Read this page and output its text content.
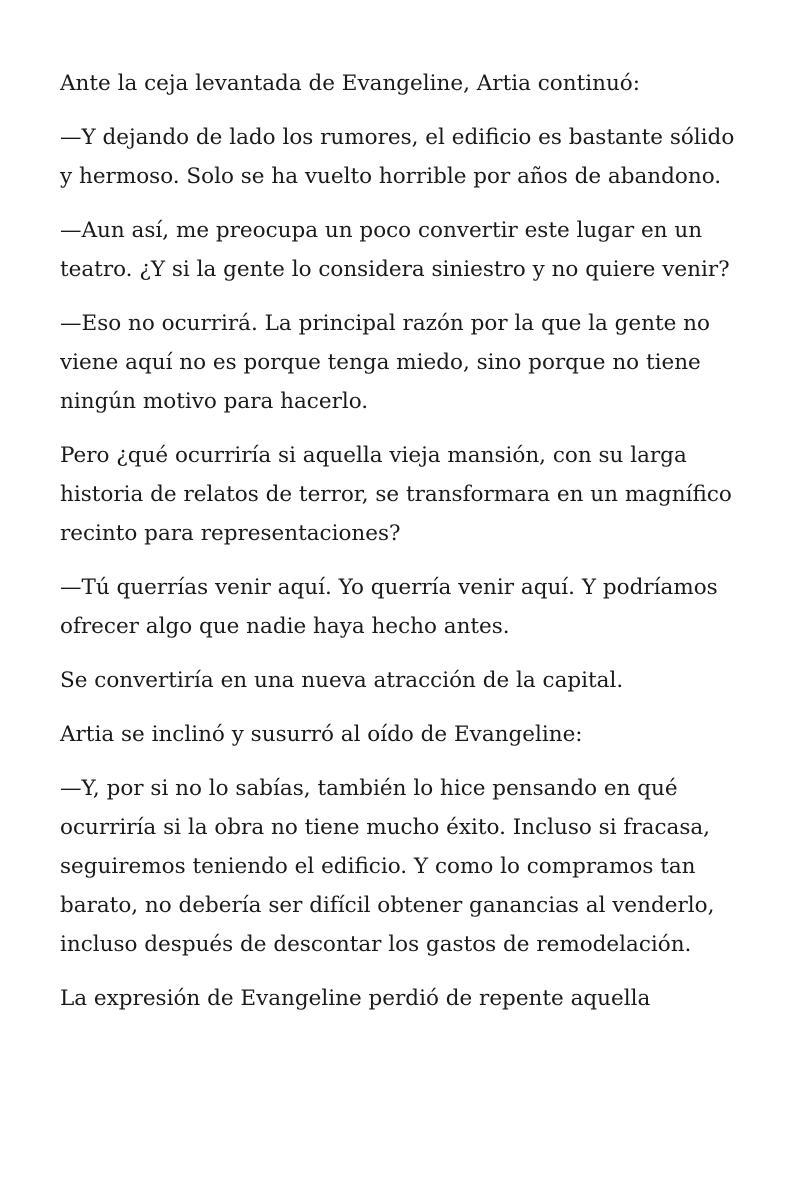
Ante la ceja levantada de Evangeline, Artia continuó:

—Y dejando de lado los rumores, el edificio es bastante sólido y hermoso. Solo se ha vuelto horrible por años de abandono.

—Aun así, me preocupa un poco convertir este lugar en un teatro. ¿Y si la gente lo considera siniestro y no quiere venir?

—Eso no ocurrirá. La principal razón por la que la gente no viene aquí no es porque tenga miedo, sino porque no tiene ningún motivo para hacerlo.

Pero ¿qué ocurriría si aquella vieja mansión, con su larga historia de relatos de terror, se transformara en un magnífico recinto para representaciones?

—Tú querrías venir aquí. Yo querría venir aquí. Y podríamos ofrecer algo que nadie haya hecho antes.

Se convertiría en una nueva atracción de la capital.

Artia se inclinó y susurró al oído de Evangeline:

—Y, por si no lo sabías, también lo hice pensando en qué ocurriría si la obra no tiene mucho éxito. Incluso si fracasa, seguiremos teniendo el edificio. Y como lo compramos tan barato, no debería ser difícil obtener ganancias al venderlo, incluso después de descontar los gastos de remodelación.

La expresión de Evangeline perdió de repente aquella
